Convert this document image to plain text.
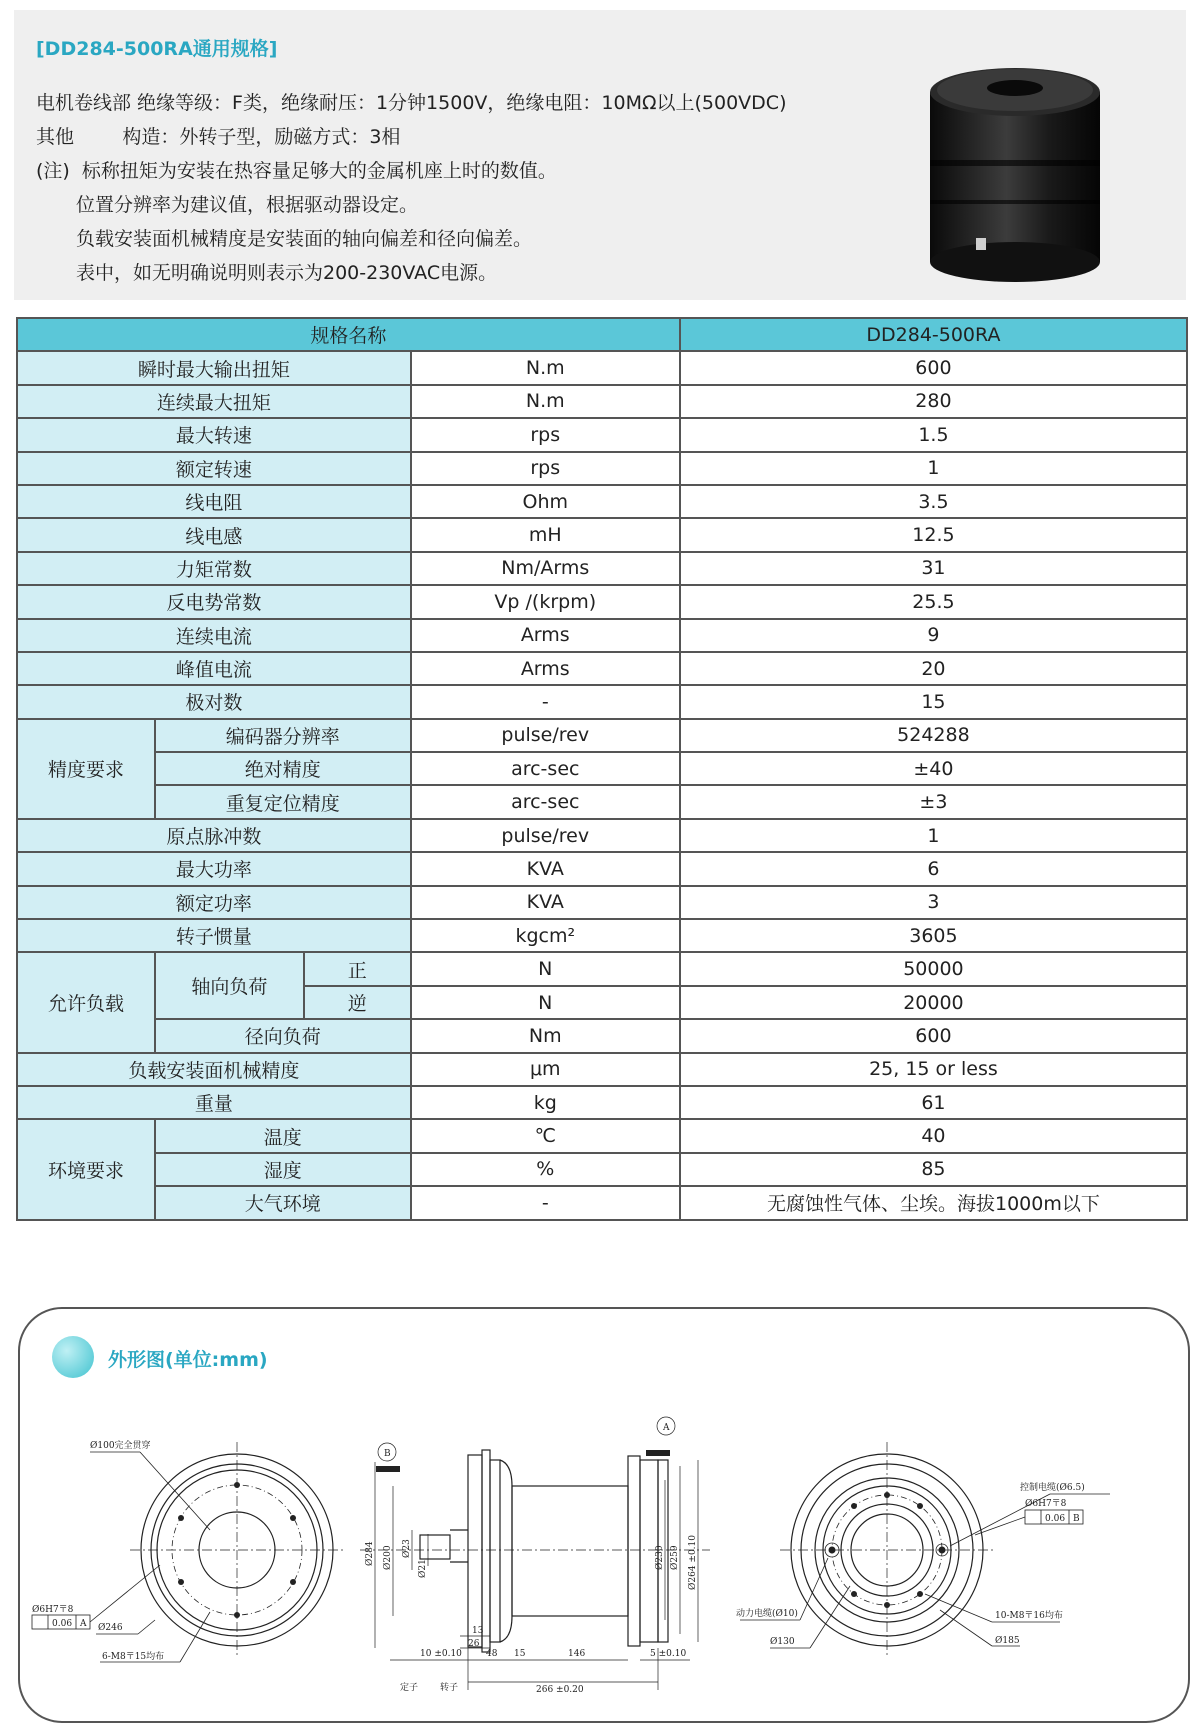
[DD284-500RA通用规格]
电机卷线部 绝缘等级：F类，绝缘耐压：1分钟1500V，绝缘电阻：10MΩ以上(500VDC)
其他        构造：外转子型，励磁方式：3相
(注)  标称扭矩为安装在热容量足够大的金属机座上时的数值。
位置分辨率为建议值，根据驱动器设定。
负载安装面机械精度是安装面的轴向偏差和径向偏差。
表中，如无明确说明则表示为200-230VAC电源。
规格名称				DD284-500RA
瞬时最大输出扭矩			N.m	600
连续最大扭矩			N.m	280
最大转速			rps	1.5
额定转速			rps	1
线电阻			Ohm	3.5
线电感			mH	12.5
力矩常数			Nm/Arms	31
反电势常数			Vp /(krpm)	25.5
连续电流			Arms	9
峰值电流			Arms	20
极对数			-	15
精度要求	编码器分辨率		pulse/rev	524288
	绝对精度		arc-sec	±40
	重复定位精度		arc-sec	±3
原点脉冲数			pulse/rev	1
最大功率			KVA	6
额定功率			KVA	3
转子惯量			kgcm²	3605
允许负载	轴向负荷	正	N	50000
		逆	N	20000
	径向负荷		Nm	600
负载安装面机械精度			μm	25, 15 or less
重量			kg	61
环境要求	温度		℃	40
	湿度		%	85
	大气环境		-	无腐蚀性气体、尘埃。海拔1000m以下
外形图(单位:mm)
Ø100完全贯穿
Ø6H7〒8
0.06 A Ø246
6-M8〒15均布
B
A
Ø284 Ø200 Ø23
Ø21	Ø230 Ø259 Ø264 ±0.10
13
26
10 ±0.10	48 15	146	5 ±0.10
266 ±0.20
定子 转子
控制电缆(Ø6.5)
Ø6H7〒8
0.06 B
动力电缆(Ø10)
Ø130
10-M8〒16均布
Ø185
